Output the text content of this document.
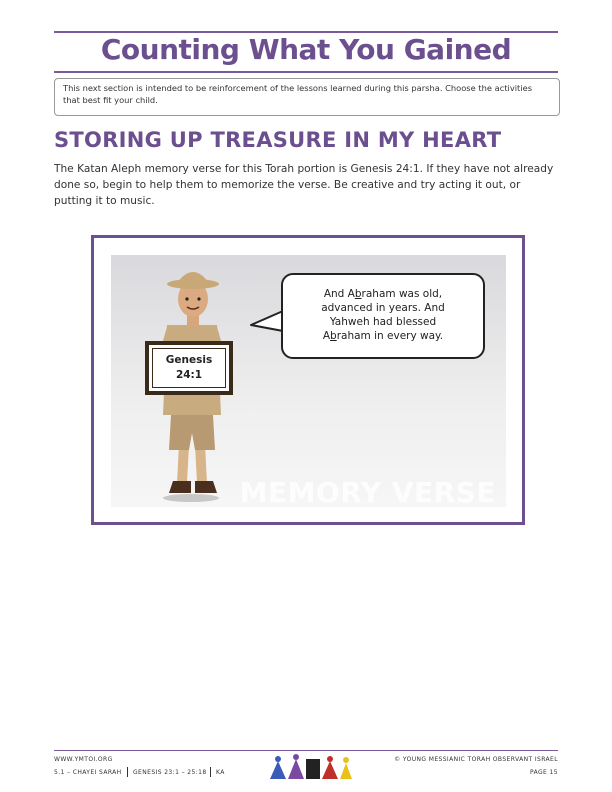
Counting What You Gained
This next section is intended to be reinforcement of the lessons learned during this parsha. Choose the activities that best fit your child.
STORING UP TREASURE IN MY HEART
The Katan Aleph memory verse for this Torah portion is Genesis 24:1. If they have not already done so, begin to help them to memorize the verse. Be creative and try acting it out, or putting it to music.
Genesis
24:1
And Abraham was old,
advanced in years. And
Yahweh had blessed
Abraham in every way.
MEMORY VERSE
WWW.YMTOI.ORG
5.1 – CHAYEI SARAH GENESIS 23:1 – 25:18 KA
© YOUNG MESSIANIC TORAH OBSERVANT ISRAEL
PAGE 15
